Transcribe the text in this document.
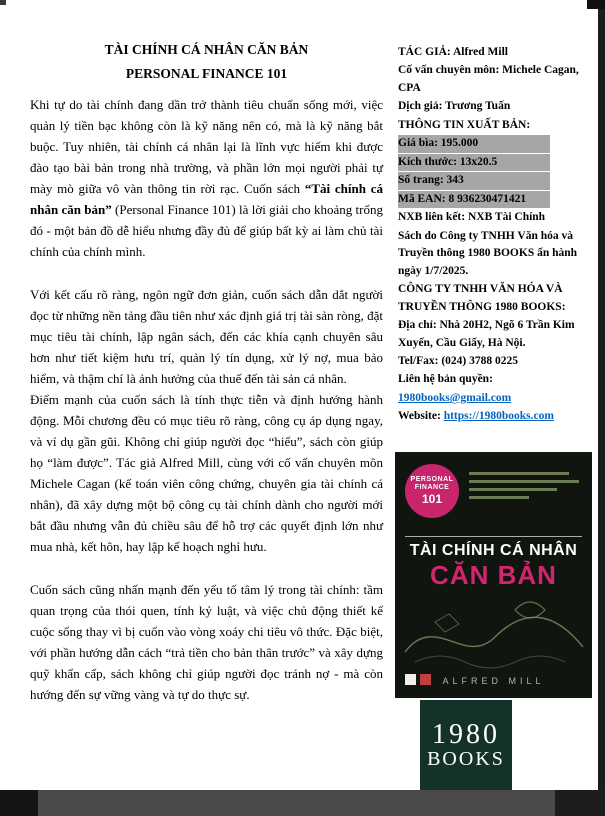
TÀI CHÍNH CÁ NHÂN CĂN BẢN
PERSONAL FINANCE 101

Khi tự do tài chính đang dần trở thành tiêu chuẩn sống mới, việc quản lý tiền bạc không còn là kỹ năng nên có, mà là kỹ năng bắt buộc. Tuy nhiên, tài chính cá nhân lại là lĩnh vực hiếm khi được đào tạo bài bản trong nhà trường, và phần lớn mọi người phải tự mày mò giữa vô vàn thông tin rời rạc. Cuốn sách “Tài chính cá nhân căn bản” (Personal Finance 101) là lời giải cho khoảng trống đó - một bản đồ dễ hiểu nhưng đầy đủ để giúp bất kỳ ai làm chủ tài chính của chính mình.

Với kết cấu rõ ràng, ngôn ngữ đơn giản, cuốn sách dẫn dắt người đọc từ những nền tảng đầu tiên như xác định giá trị tài sản ròng, đặt mục tiêu tài chính, lập ngân sách, đến các khía cạnh chuyên sâu hơn như tiết kiệm hưu trí, quản lý tín dụng, xử lý nợ, mua bảo hiểm, và thậm chí là ảnh hưởng của thuế đến tài sản cá nhân.

Điểm mạnh của cuốn sách là tính thực tiễn và định hướng hành động. Mỗi chương đều có mục tiêu rõ ràng, công cụ áp dụng ngay, và ví dụ gần gũi. Không chỉ giúp người đọc “hiểu”, sách còn giúp họ “làm được”. Tác giả Alfred Mill, cùng với cố vấn chuyên môn Michele Cagan (kế toán viên công chứng, chuyên gia tài chính cá nhân), đã xây dựng một bộ công cụ tài chính dành cho người mới bắt đầu nhưng vẫn đủ chiều sâu để hỗ trợ các quyết định lớn như mua nhà, kết hôn, hay lập kế hoạch nghỉ hưu.

Cuốn sách cũng nhấn mạnh đến yếu tố tâm lý trong tài chính: tầm quan trọng của thói quen, tính kỷ luật, và việc chủ động thiết kế cuộc sống thay vì bị cuốn vào vòng xoáy chi tiêu vô thức. Đặc biệt, với phần hướng dẫn cách “trả tiền cho bản thân trước” và xây dựng quỹ khẩn cấp, sách không chỉ giúp người đọc tránh nợ - mà còn hướng đến sự vững vàng và tự do thực sự.

TÁC GIẢ: Alfred Mill
Cố vấn chuyên môn: Michele Cagan, CPA
Dịch giả: Trương Tuấn
THÔNG TIN XUẤT BẢN:
Giá bìa: 195.000
Kích thước: 13x20.5
Số trang: 343
Mã EAN: 8 936230471421
NXB liên kết: NXB Tài Chính
Sách do Công ty TNHH Văn hóa và Truyền thông 1980 BOOKS ấn hành ngày 1/7/2025.
CÔNG TY TNHH VĂN HÓA VÀ TRUYỀN THÔNG 1980 BOOKS:
Địa chỉ: Nhà 20H2, Ngõ 6 Trần Kim Xuyến, Cầu Giấy, Hà Nội.
Tel/Fax: (024) 3788 0225
Liên hệ bản quyền:
1980books@gmail.com
Website: https://1980books.com
PERSONAL
FINANCE
101
TÀI CHÍNH CÁ NHÂN
CĂN BẢN
ALFRED MILL
1980
BOOKS
